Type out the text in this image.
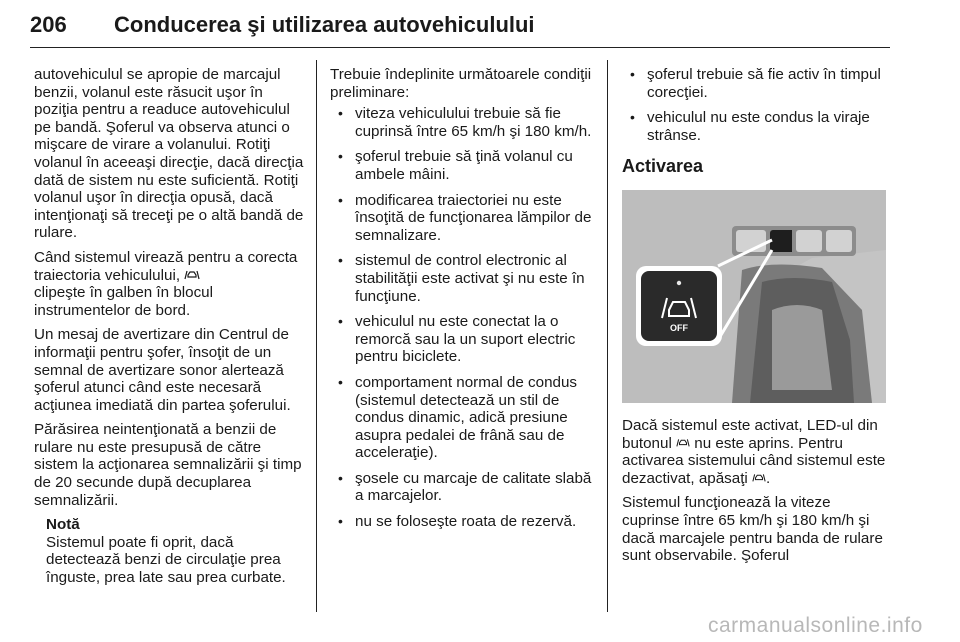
206 Conducerea şi utilizarea autovehiculului

autovehiculul se apropie de marcajul benzii, volanul este răsucit uşor în poziţia pentru a readuce autovehiculul pe bandă. Şoferul va observa atunci o mişcare de virare a volanului. Rotiţi volanul în aceeaşi direcţie, dacă direcţia dată de sistem nu este suficientă. Rotiţi volanul uşor în direcţia opusă, dacă intenţionaţi să treceţi pe o altă bandă de rulare.

Când sistemul virează pentru a corecta traiectoria vehiculului,
clipeşte în galben în blocul instrumentelor de bord.

Un mesaj de avertizare din Centrul de informaţii pentru şofer, însoţit de un semnal de avertizare sonor alertează şoferul atunci când este necesară acţiunea imediată din partea şoferului.

Părăsirea neintenţionată a benzii de rulare nu este presupusă de către sistem la acţionarea semnalizării şi timp de 20 secunde după decuplarea semnalizării.

Notă
Sistemul poate fi oprit, dacă detectează benzi de circulaţie prea înguste, prea late sau prea curbate.

Trebuie îndeplinite următoarele condiţii preliminare:

• viteza vehiculului trebuie să fie cuprinsă între 65 km/h şi 180 km/h.
• şoferul trebuie să ţină volanul cu ambele mâini.
• modificarea traiectoriei nu este însoţită de funcţionarea lămpilor de semnalizare.
• sistemul de control electronic al stabilităţii este activat şi nu este în funcţiune.
• vehiculul nu este conectat la o remorcă sau la un suport electric pentru biciclete.
• comportament normal de condus (sistemul detectează un stil de condus dinamic, adică presiune asupra pedalei de frână sau de acceleraţie).
• şosele cu marcaje de calitate slabă a marcajelor.
• nu se foloseşte roata de rezervă.
• şoferul trebuie să fie activ în timpul corecţiei.
• vehiculul nu este condus la viraje strânse.
Activarea
OFF

Dacă sistemul este activat, LED-ul din butonul nu este aprins. Pentru activarea sistemului când sistemul este dezactivat, apăsaţi .

Sistemul funcţionează la viteze cuprinse între 65 km/h şi 180 km/h şi dacă marcajele pentru banda de rulare sunt observabile. Şoferul

carmanualsonline.info
